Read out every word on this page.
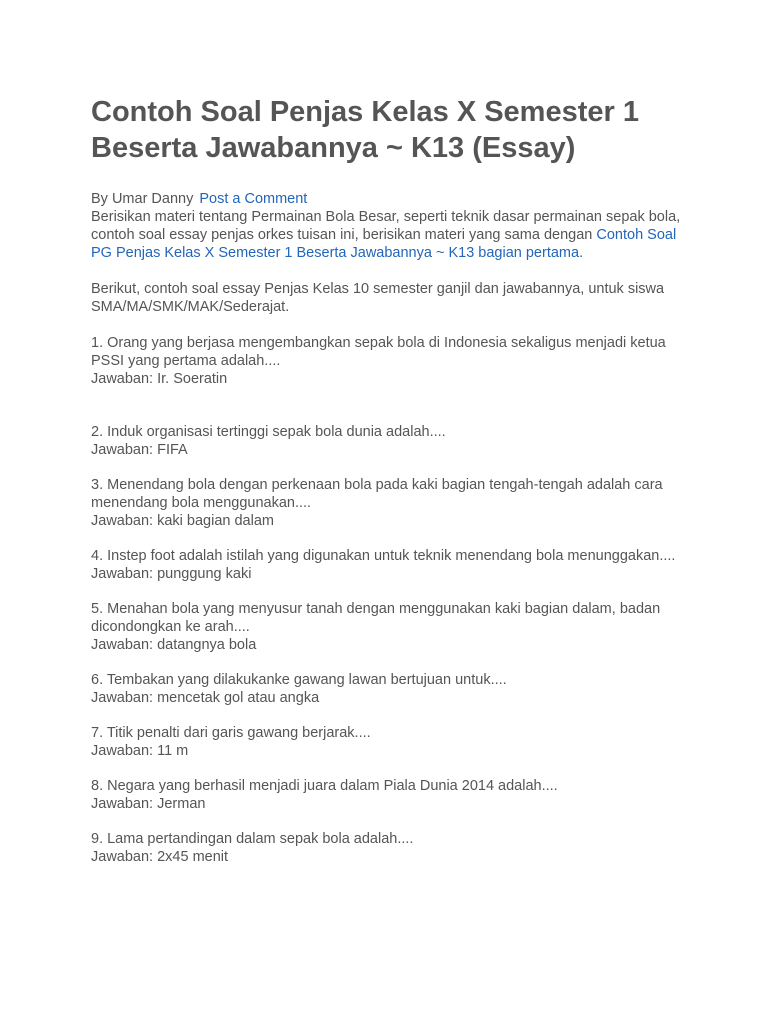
Contoh Soal Penjas Kelas X Semester 1 Beserta Jawabannya ~ K13 (Essay)
By Umar Danny Post a Comment

Berisikan materi tentang Permainan Bola Besar, seperti teknik dasar permainan sepak bola, contoh soal essay penjas orkes tuisan ini, berisikan materi yang sama dengan Contoh Soal PG Penjas Kelas X Semester 1 Beserta Jawabannya ~ K13 bagian pertama.

Berikut, contoh soal essay Penjas Kelas 10 semester ganjil dan jawabannya, untuk siswa SMA/MA/SMK/MAK/Sederajat.

1. Orang yang berjasa mengembangkan sepak bola di Indonesia sekaligus menjadi ketua PSSI yang pertama adalah....

Jawaban: Ir. Soeratin

2. Induk organisasi tertinggi sepak bola dunia adalah....

Jawaban: FIFA

3. Menendang bola dengan perkenaan bola pada kaki bagian tengah-tengah adalah cara menendang bola menggunakan....

Jawaban: kaki bagian dalam

4. Instep foot adalah istilah yang digunakan untuk teknik menendang bola menunggakan....

Jawaban: punggung kaki

5. Menahan bola yang menyusur tanah dengan menggunakan kaki bagian dalam, badan dicondongkan ke arah....

Jawaban: datangnya bola

6. Tembakan yang dilakukanke gawang lawan bertujuan untuk....

Jawaban: mencetak gol atau angka

7. Titik penalti dari garis gawang berjarak....

Jawaban: 11 m

8. Negara yang berhasil menjadi juara dalam Piala Dunia 2014 adalah....

Jawaban: Jerman

9. Lama pertandingan dalam sepak bola adalah....

Jawaban: 2x45 menit
